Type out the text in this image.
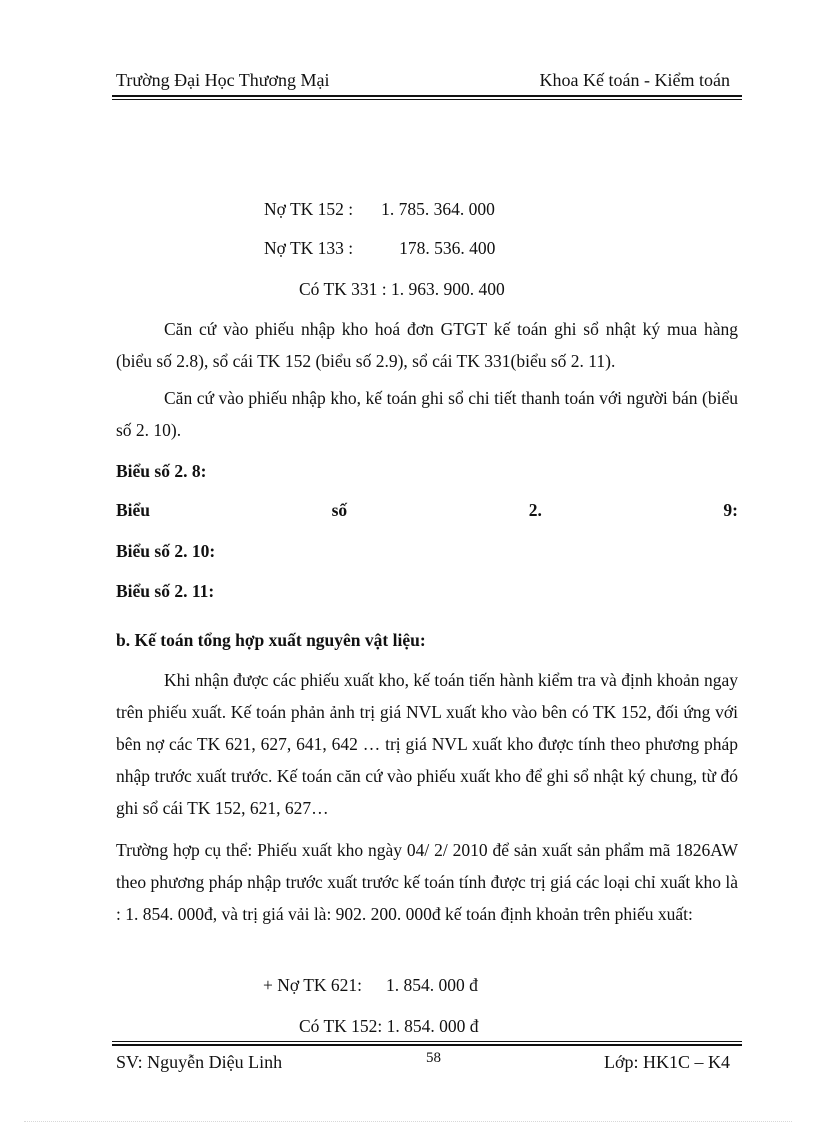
Trường Đại Học Thương Mại	Khoa Kế toán - Kiểm toán
Nợ TK 152 : 1. 785. 364. 000
Nợ TK 133 :	178. 536. 400
Có TK 331 : 1. 963. 900. 400
Căn cứ vào phiếu nhập kho hoá đơn GTGT kế toán ghi sổ nhật ký mua hàng (biểu số 2.8), sổ cái TK 152 (biểu số 2.9), sổ cái TK 331(biểu số 2. 11).
Căn cứ vào phiếu nhập kho, kế toán ghi sổ chi tiết thanh toán với người bán (biểu số 2. 10).
Biểu số 2. 8:
Biểu	số	2.	9:
Biểu số 2. 10:
Biểu số 2. 11:
b. Kế toán tổng hợp xuất nguyên vật liệu:
Khi nhận được các phiếu xuất kho, kế toán tiến hành kiểm tra và định khoản ngay trên phiếu xuất. Kế toán phản ảnh trị giá NVL xuất kho vào bên có TK 152, đối ứng với bên nợ các TK 621, 627, 641, 642 … trị giá NVL xuất kho được tính theo phương pháp nhập trước xuất trước. Kế toán căn cứ vào phiếu xuất kho để ghi sổ nhật ký chung, từ đó ghi sổ cái TK 152, 621, 627…
Trường hợp cụ thể: Phiếu xuất kho ngày 04/ 2/ 2010 để sản xuất sản phẩm mã 1826AW theo phương pháp nhập trước xuất trước kế toán tính được trị giá các loại chỉ xuất kho là : 1. 854. 000đ, và trị giá vải là: 902. 200. 000đ kế toán định khoản trên phiếu xuất:
+ Nợ TK 621: 1. 854. 000 đ
Có TK 152: 1. 854. 000 đ
SV: Nguyễn Diệu Linh	58	Lớp: HK1C – K4
